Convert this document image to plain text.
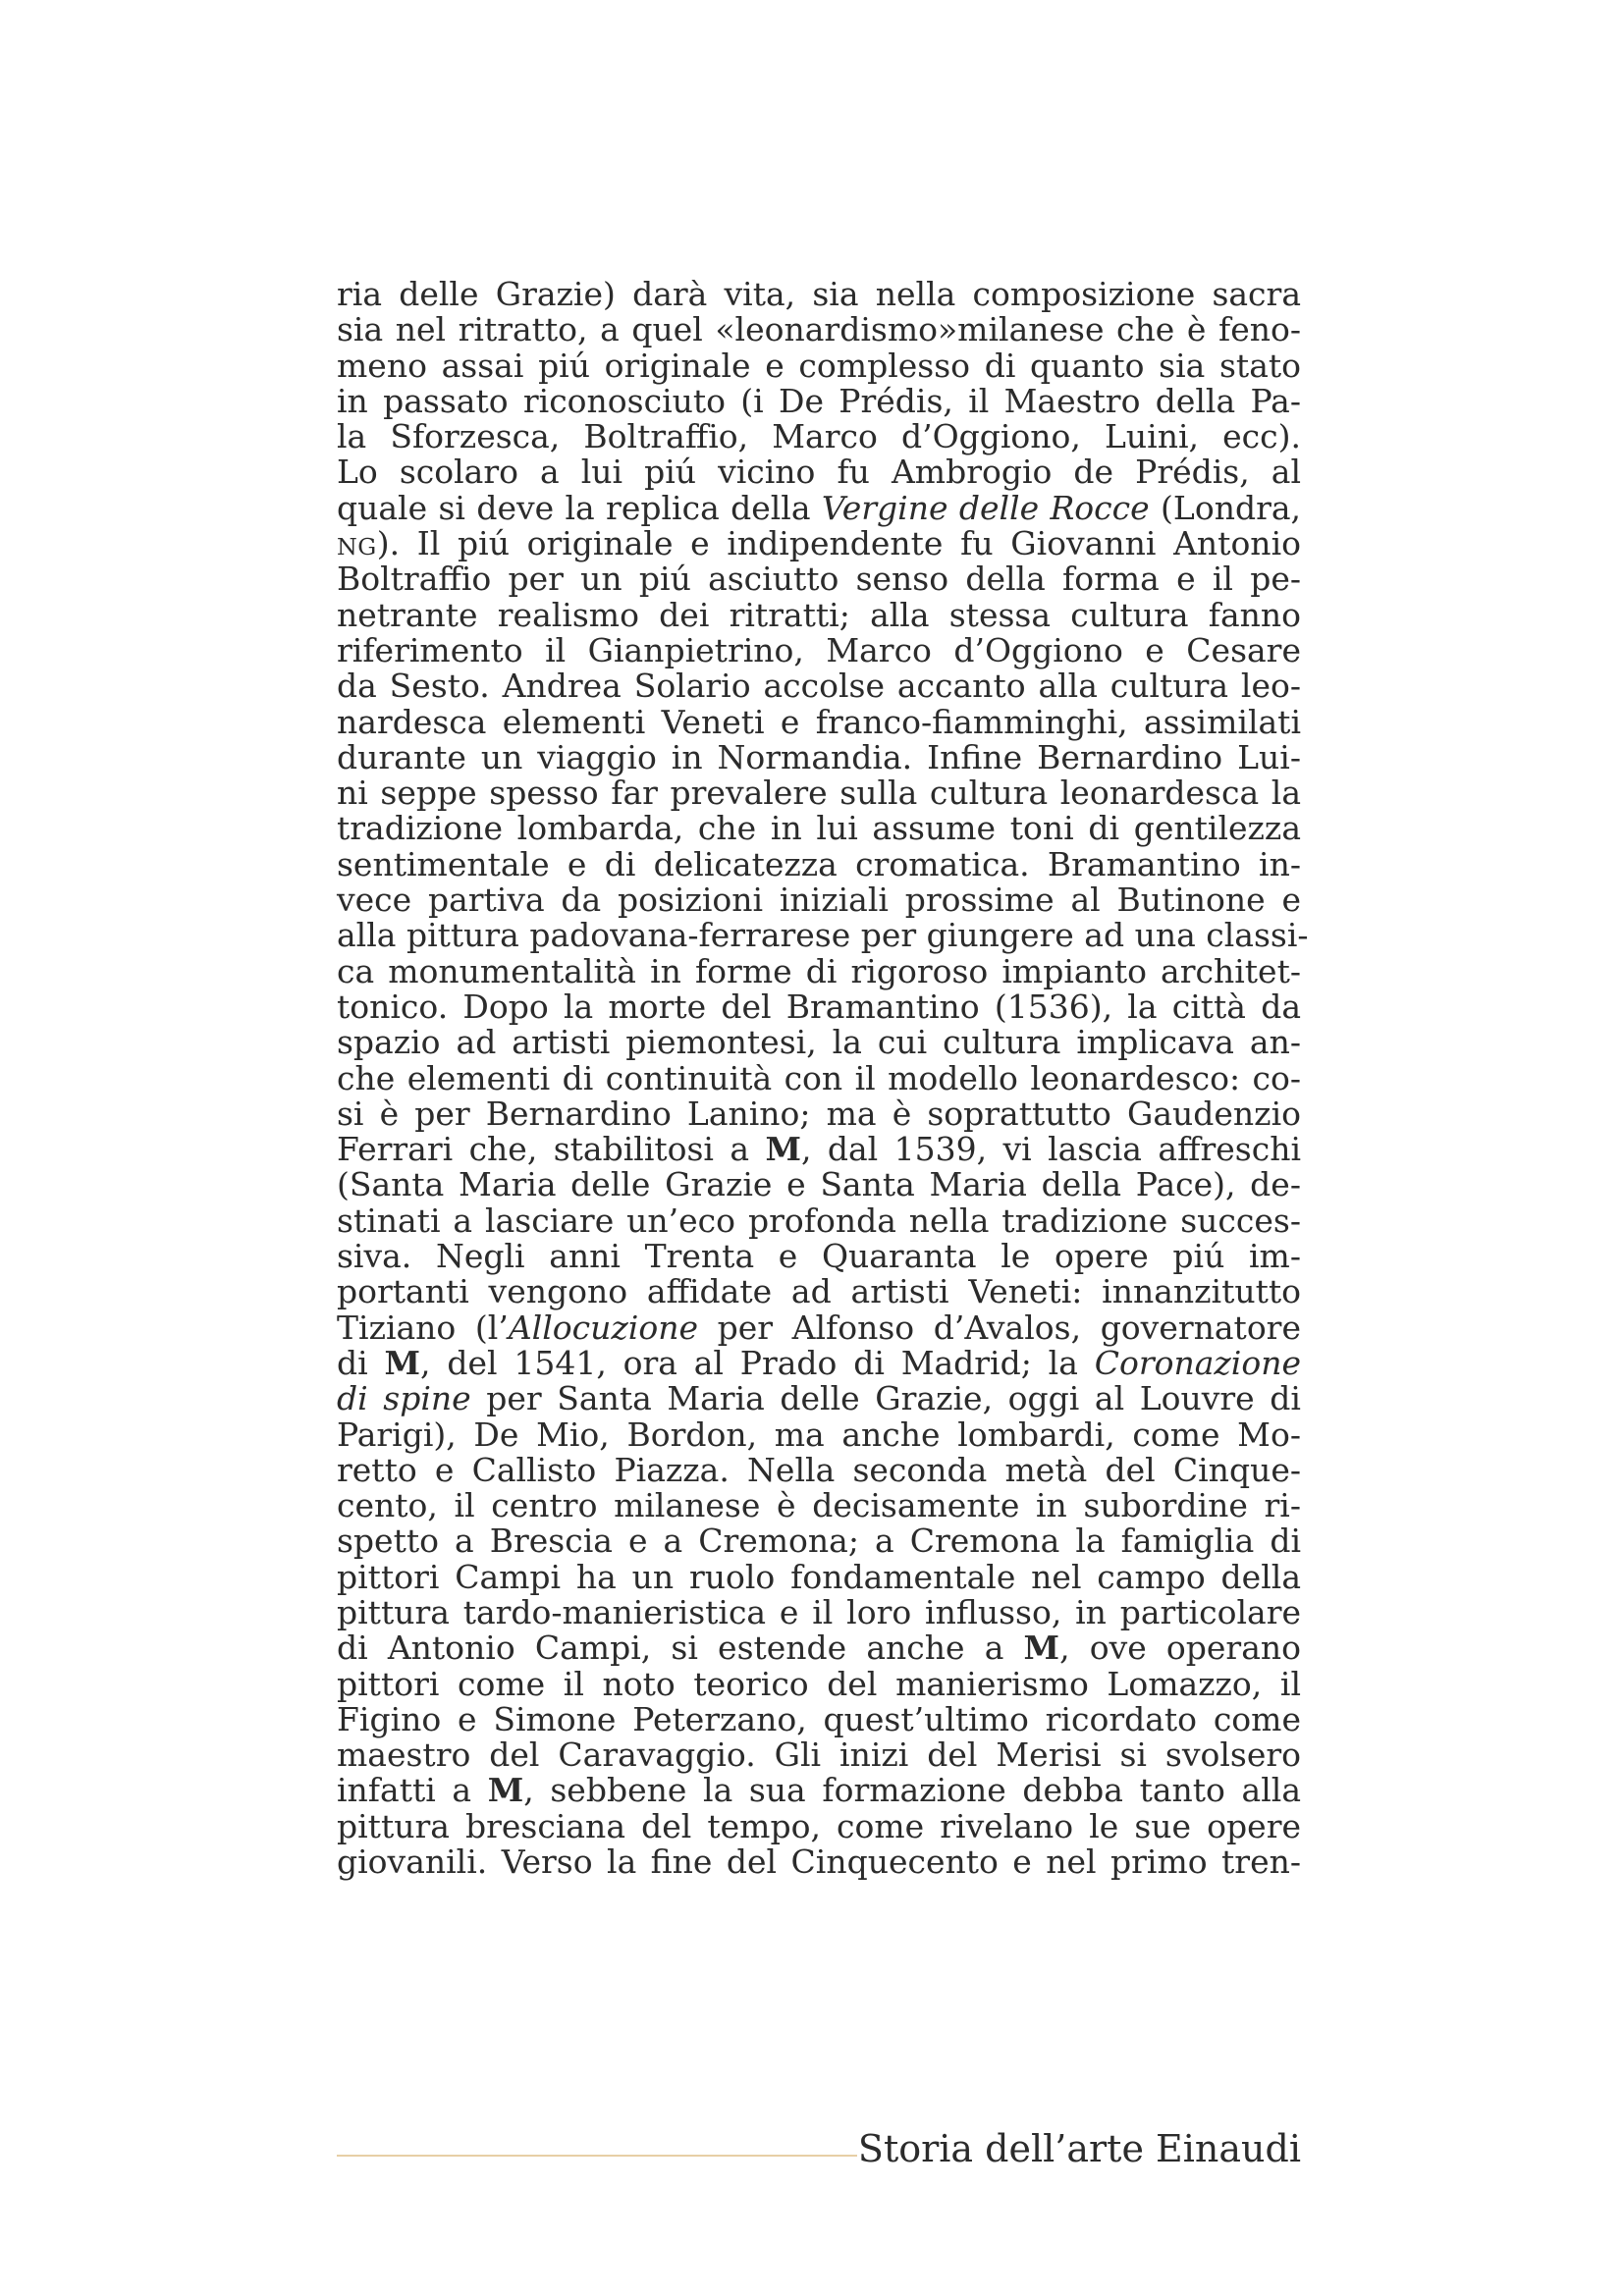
ria delle Grazie) darà vita, sia nella composizione sacra
sia nel ritratto, a quel «leonardismo»milanese che è feno-
meno assai piú originale e complesso di quanto sia stato
in passato riconosciuto (i De Prédis, il Maestro della Pa-
la Sforzesca, Boltraffio, Marco d’Oggiono, Luini, ecc).
Lo scolaro a lui piú vicino fu Ambrogio de Prédis, al
quale si deve la replica della Vergine delle Rocce (Londra,
NG). Il piú originale e indipendente fu Giovanni Antonio
Boltraffio per un piú asciutto senso della forma e il pe-
netrante realismo dei ritratti; alla stessa cultura fanno
riferimento il Gianpietrino, Marco d’Oggiono e Cesare
da Sesto. Andrea Solario accolse accanto alla cultura leo-
nardesca elementi Veneti e franco-fiamminghi, assimilati
durante un viaggio in Normandia. Infine Bernardino Lui-
ni seppe spesso far prevalere sulla cultura leonardesca la
tradizione lombarda, che in lui assume toni di gentilezza
sentimentale e di delicatezza cromatica. Bramantino in-
vece partiva da posizioni iniziali prossime al Butinone e
alla pittura padovana-ferrarese per giungere ad una classi-
ca monumentalità in forme di rigoroso impianto architet-
tonico. Dopo la morte del Bramantino (1536), la città da
spazio ad artisti piemontesi, la cui cultura implicava an-
che elementi di continuità con il modello leonardesco: co-
si è per Bernardino Lanino; ma è soprattutto Gaudenzio
Ferrari che, stabilitosi a M, dal 1539, vi lascia affreschi
(Santa Maria delle Grazie e Santa Maria della Pace), de-
stinati a lasciare un’eco profonda nella tradizione succes-
siva. Negli anni Trenta e Quaranta le opere piú im-
portanti vengono affidate ad artisti Veneti: innanzitutto
Tiziano (l’Allocuzione per Alfonso d’Avalos, governatore
di M, del 1541, ora al Prado di Madrid; la Coronazione
di spine per Santa Maria delle Grazie, oggi al Louvre di
Parigi), De Mio, Bordon, ma anche lombardi, come Mo-
retto e Callisto Piazza. Nella seconda metà del Cinque-
cento, il centro milanese è decisamente in subordine ri-
spetto a Brescia e a Cremona; a Cremona la famiglia di
pittori Campi ha un ruolo fondamentale nel campo della
pittura tardo-manieristica e il loro influsso, in particolare
di Antonio Campi, si estende anche a M, ove operano
pittori come il noto teorico del manierismo Lomazzo, il
Figino e Simone Peterzano, quest’ultimo ricordato come
maestro del Caravaggio. Gli inizi del Merisi si svolsero
infatti a M, sebbene la sua formazione debba tanto alla
pittura bresciana del tempo, come rivelano le sue opere
giovanili. Verso la fine del Cinquecento e nel primo tren-
Storia dell’arte Einaudi
